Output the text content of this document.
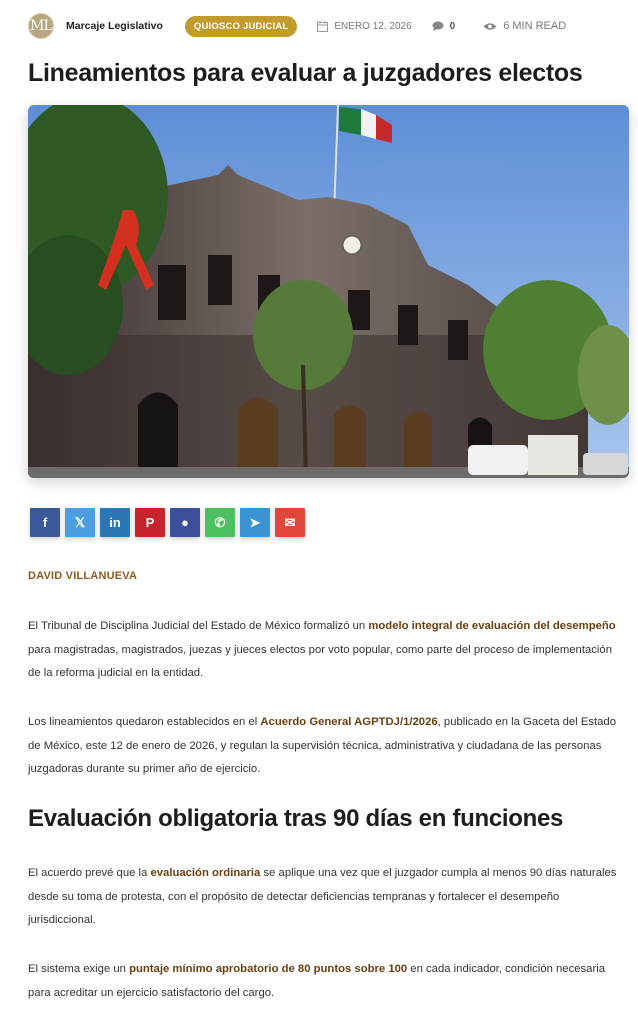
ML Marcaje Legislativo	QUIOSCO JUDICIAL	ENERO 12, 2026	0	6 MIN READ
Lineamientos para evaluar a juzgadores electos
f 𝕏 in P ● ✆ ➤ ✉
DAVID VILLANUEVA

El Tribunal de Disciplina Judicial del Estado de México formalizó un modelo integral de evaluación del desempeño para magistradas, magistrados, juezas y jueces electos por voto popular, como parte del proceso de implementación de la reforma judicial en la entidad.

Los lineamientos quedaron establecidos en el Acuerdo General AGPTDJ/1/2026, publicado en la Gaceta del Estado de México, este 12 de enero de 2026, y regulan la supervisión técnica, administrativa y ciudadana de las personas juzgadoras durante su primer año de ejercicio.

Evaluación obligatoria tras 90 días en funciones

El acuerdo prevé que la evaluación ordinaria se aplique una vez que el juzgador cumpla al menos 90 días naturales desde su toma de protesta, con el propósito de detectar deficiencias tempranas y fortalecer el desempeño jurisdiccional.

El sistema exige un puntaje mínimo aprobatorio de 80 puntos sobre 100 en cada indicador, condición necesaria para acreditar un ejercicio satisfactorio del cargo.
